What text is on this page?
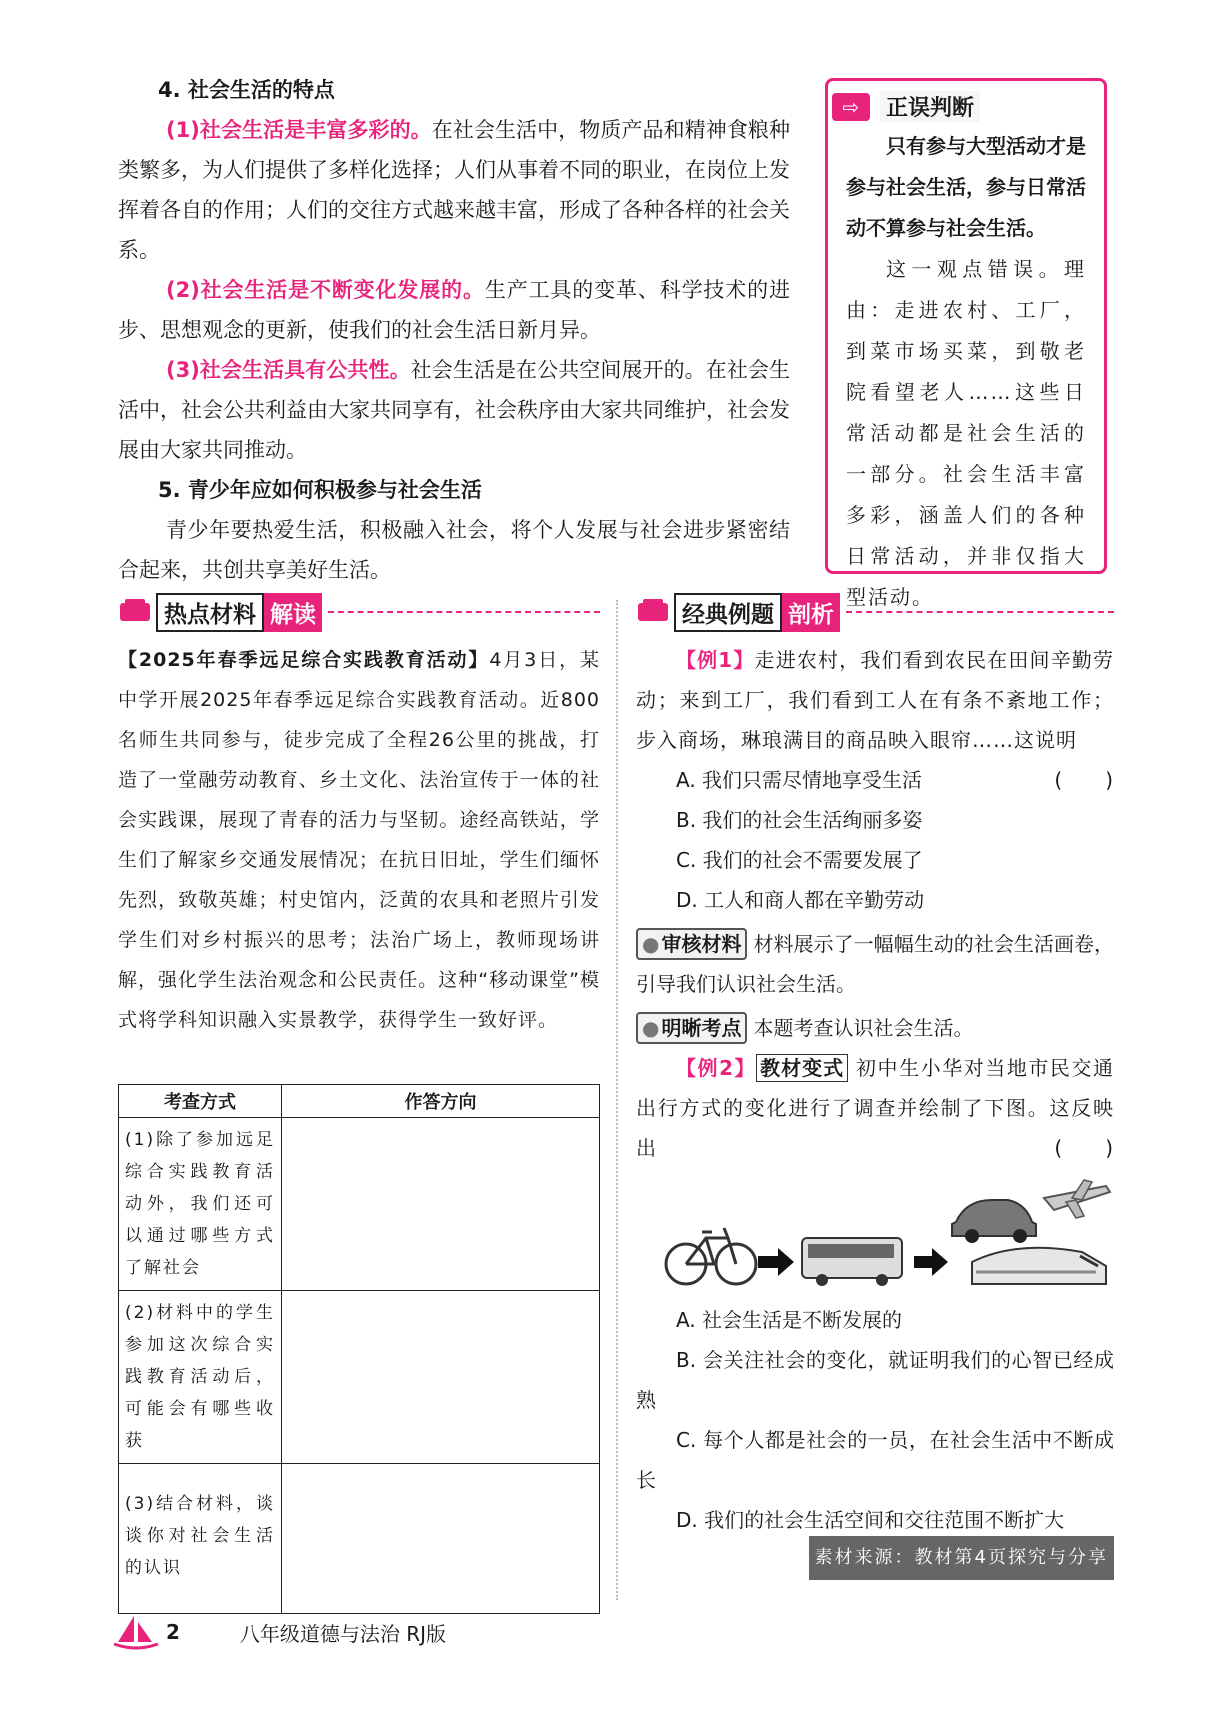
4. 社会生活的特点

(1)社会生活是丰富多彩的。在社会生活中，物质产品和精神食粮种类繁多，为人们提供了多样化选择；人们从事着不同的职业，在岗位上发挥着各自的作用；人们的交往方式越来越丰富，形成了各种各样的社会关系。

(2)社会生活是不断变化发展的。生产工具的变革、科学技术的进步、思想观念的更新，使我们的社会生活日新月异。

(3)社会生活具有公共性。社会生活是在公共空间展开的。在社会生活中，社会公共利益由大家共同享有，社会秩序由大家共同维护，社会发展由大家共同推动。

5. 青少年应如何积极参与社会生活

青少年要热爱生活，积极融入社会，将个人发展与社会进步紧密结合起来，共创共享美好生活。

⇨	正误判断

只有参与大型活动才是参与社会生活，参与日常活动不算参与社会生活。

这一观点错误。理由：走进农村、工厂，到菜市场买菜，到敬老院看望老人……这些日常活动都是社会生活的一部分。社会生活丰富多彩，涵盖人们的各种日常活动，并非仅指大型活动。

热点材料 解读	经典例题 剖析
【2025年春季远足综合实践教育活动】4月3日，某中学开展2025年春季远足综合实践教育活动。近800名师生共同参与，徒步完成了全程26公里的挑战，打造了一堂融劳动教育、乡土文化、法治宣传于一体的社会实践课，展现了青春的活力与坚韧。途经高铁站，学生们了解家乡交通发展情况；在抗日旧址，学生们缅怀先烈，致敬英雄；村史馆内，泛黄的农具和老照片引发学生们对乡村振兴的思考；法治广场上，教师现场讲解，强化学生法治观念和公民责任。这种“移动课堂”模式将学科知识融入实景教学，获得学生一致好评。
考查方式	作答方向
(1)除了参加远足综合实践教育活动外，我们还可以通过哪些方式了解社会	
(2)材料中的学生参加这次综合实践教育活动后，可能会有哪些收获	
(3)结合材料，谈谈你对社会生活的认识	

【例1】走进农村，我们看到农民在田间辛勤劳动；来到工厂，我们看到工人在有条不紊地工作；步入商场，琳琅满目的商品映入眼帘……这说明
(　　)

A. 我们只需尽情地享受生活

B. 我们的社会生活绚丽多姿

C. 我们的社会不需要发展了

D. 工人和商人都在辛勤劳动

● 审核材料 材料展示了一幅幅生动的社会生活画卷，引导我们认识社会生活。

● 明晰考点 本题考查认识社会生活。

【例2】 教材变式 初中生小华对当地市民交通出行方式的变化进行了调查并绘制了下图。这反映出	(　　)

A. 社会生活是不断发展的

B. 会关注社会的变化，就证明我们的心智已经成熟

C. 每个人都是社会的一员，在社会生活中不断成长

D. 我们的社会生活空间和交往范围不断扩大

素材来源：教材第4页探究与分享
2	八年级道德与法治 RJ版
